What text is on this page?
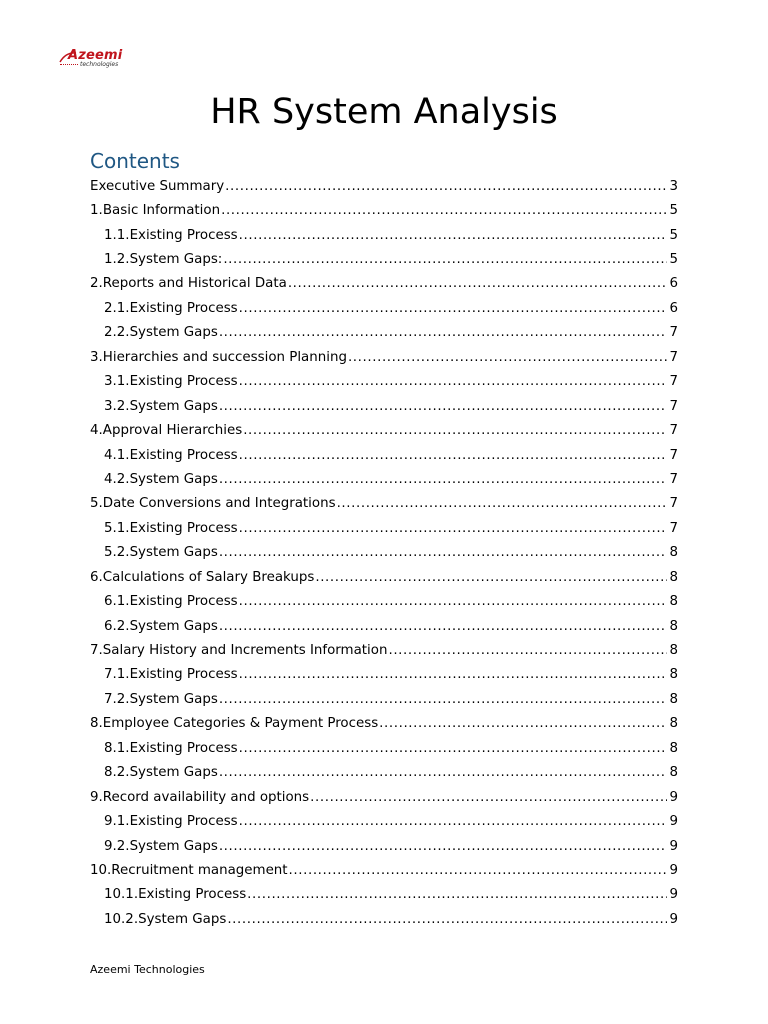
Azeemi
technologies
HR System Analysis
Contents
Executive Summary .....	3
1. Basic Information .....	5
1.1. Existing Process .....	5
1.2. System Gaps: .....	5
2. Reports and Historical Data .....	6
2.1. Existing Process .....	6
2.2. System Gaps .....	7
3. Hierarchies and succession Planning .....	7
3.1. Existing Process .....	7
3.2. System Gaps .....	7
4. Approval Hierarchies .....	7
4.1. Existing Process .....	7
4.2. System Gaps .....	7
5. Date Conversions and Integrations .....	7
5.1. Existing Process .....	7
5.2. System Gaps .....	8
6. Calculations of Salary Breakups .....	8
6.1. Existing Process .....	8
6.2. System Gaps .....	8
7. Salary History and Increments Information .....	8
7.1. Existing Process .....	8
7.2. System Gaps .....	8
8. Employee Categories & Payment Process .....	8
8.1. Existing Process .....	8
8.2. System Gaps .....	8
9. Record availability and options .....	9
9.1. Existing Process .....	9
9.2. System Gaps .....	9
10. Recruitment management .....	9
10.1. Existing Process .....	9
10.2. System Gaps .....	9
Azeemi Technologies
